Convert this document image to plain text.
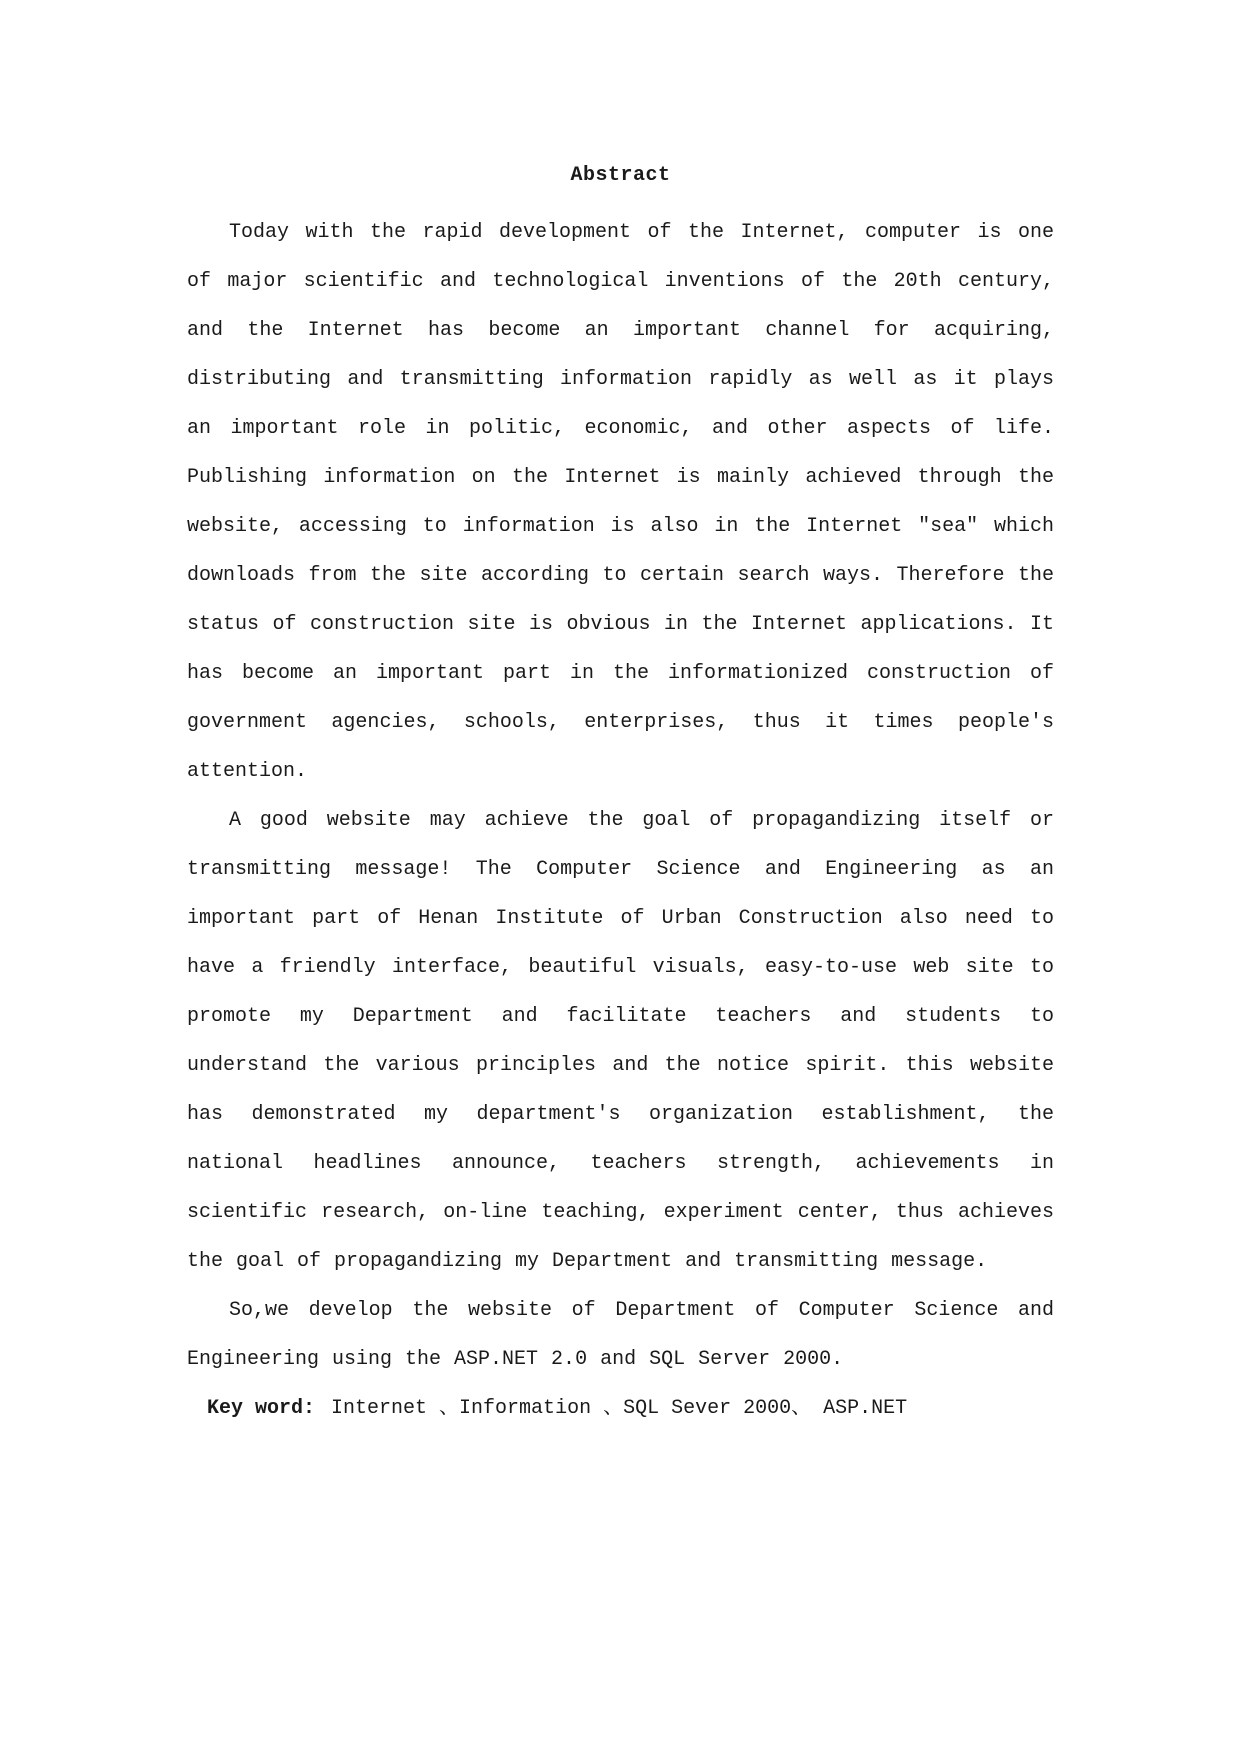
Abstract

Today with the rapid development of the Internet, computer is one of major scientific and technological inventions of the 20th century, and the Internet has become an important channel for acquiring, distributing and transmitting information rapidly as well as it plays an important role in politic, economic, and other aspects of life. Publishing information on the Internet is mainly achieved through the website, accessing to information is also in the Internet "sea" which downloads from the site according to certain search ways. Therefore the status of construction site is obvious in the Internet applications. It has become an important part in the informationized construction of government agencies, schools, enterprises, thus it times people's attention.

A good website may achieve the goal of propagandizing itself or transmitting message! The Computer Science and Engineering as an important part of Henan Institute of Urban Construction also need to have a friendly interface, beautiful visuals, easy-to-use web site to promote my Department and facilitate teachers and students to understand the various principles and the notice spirit. this website has demonstrated my department's organization establishment, the national headlines announce, teachers strength, achievements in scientific research, on-line teaching, experiment center, thus achieves the goal of propagandizing my Department and transmitting message.

So,we develop the website of Department of Computer Science and Engineering using the ASP.NET 2.0 and SQL Server 2000.

Key word: Internet 、Information 、SQL Sever 2000、 ASP.NET
